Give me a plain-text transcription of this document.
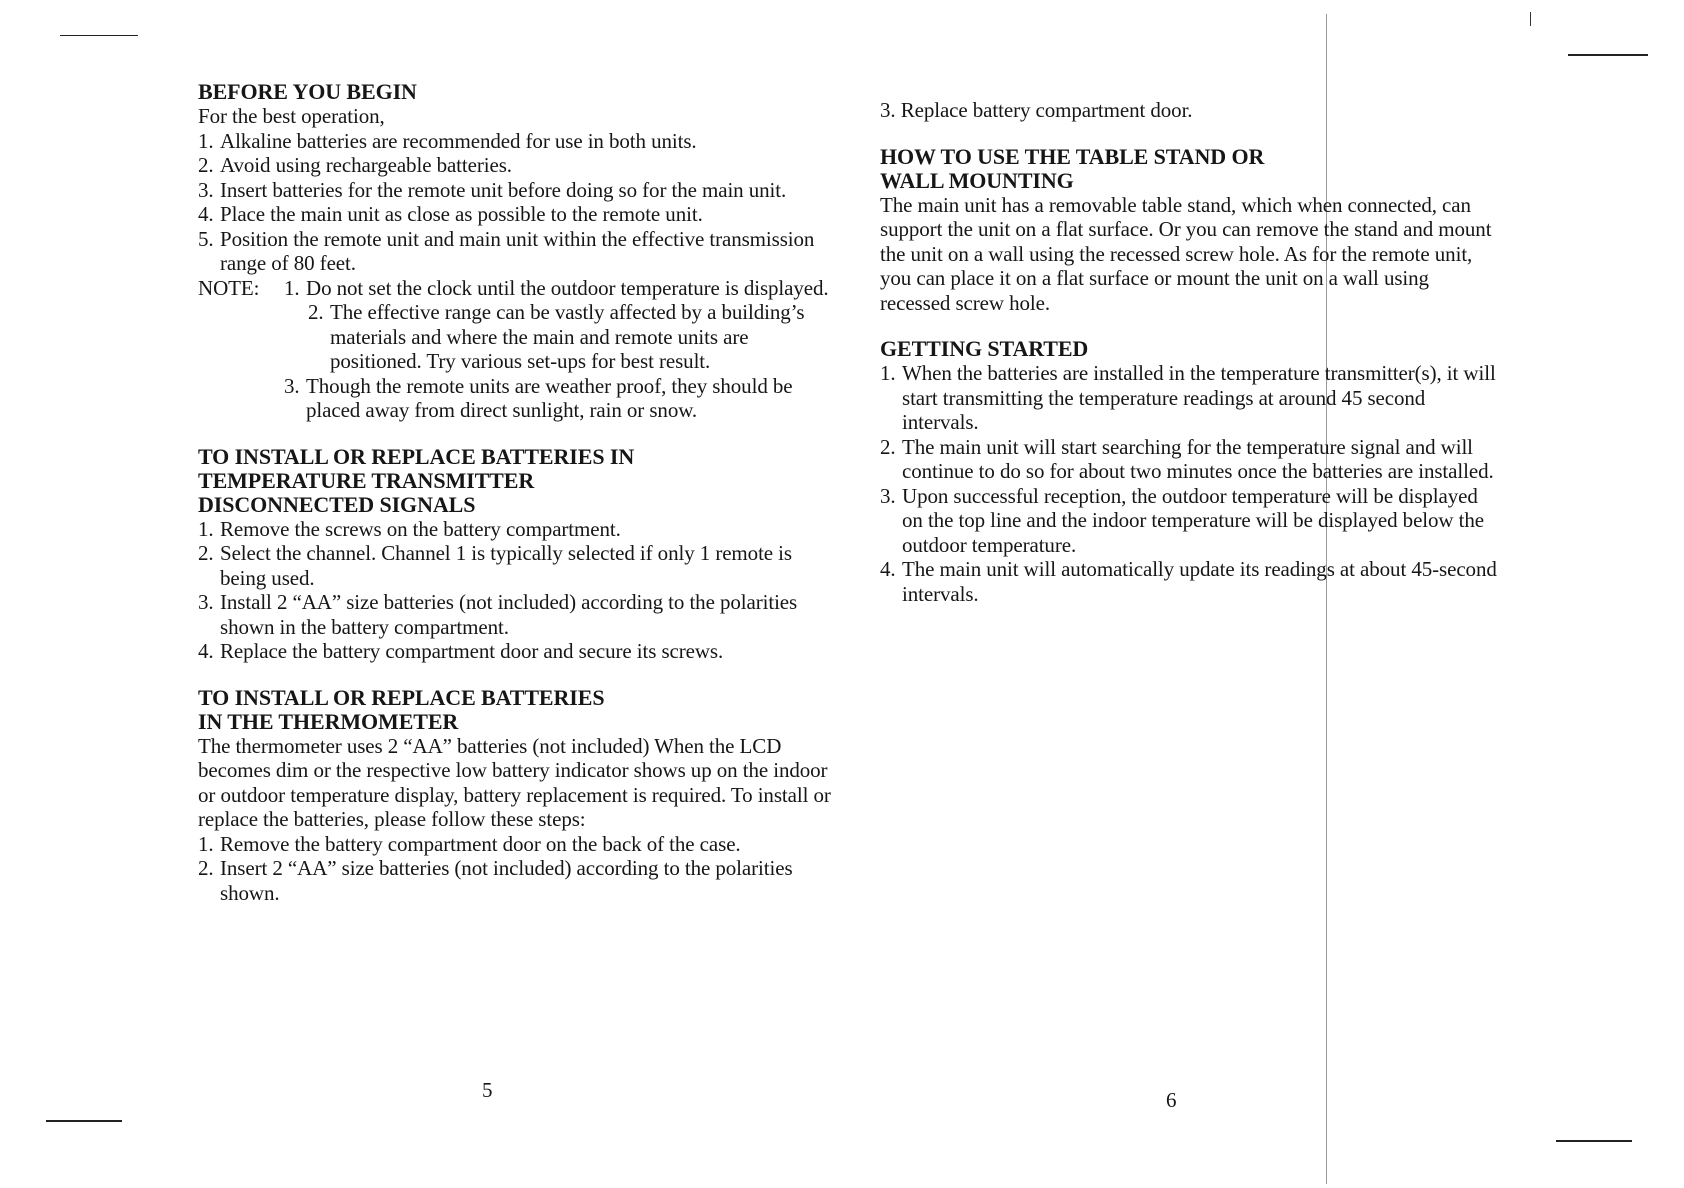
BEFORE YOU BEGIN
For the best operation,
1. Alkaline batteries are recommended for use in both units.
2. Avoid using rechargeable batteries.
3. Insert batteries for the remote unit before doing so for the main unit.
4. Place the main unit as close as possible to the remote unit.
5. Position the remote unit and main unit within the effective transmission range of 80 feet.
NOTE: 1. Do not set the clock until the outdoor temperature is displayed.
2. The effective range can be vastly affected by a building’s materials and where the main and remote units are positioned. Try various set-ups for best result.
3. Though the remote units are weather proof, they should be placed away from direct sunlight, rain or snow.
TO INSTALL OR REPLACE BATTERIES IN
TEMPERATURE TRANSMITTER
DISCONNECTED SIGNALS
1. Remove the screws on the battery compartment.
2. Select the channel. Channel 1 is typically selected if only 1 remote is being used.
3. Install 2 “AA” size batteries (not included) according to the polarities shown in the battery compartment.
4. Replace the battery compartment door and secure its screws.
TO INSTALL OR REPLACE BATTERIES
IN THE THERMOMETER
The thermometer uses 2 “AA” batteries (not included) When the LCD becomes dim or the respective low battery indicator shows up on the indoor or outdoor temperature display, battery replacement is required. To install or replace the batteries, please follow these steps:
1. Remove the battery compartment door on the back of the case.
2. Insert 2 “AA” size batteries (not included) according to the polarities shown.
5
3. Replace battery compartment door.
HOW TO USE THE TABLE STAND OR
WALL MOUNTING
The main unit has a removable table stand, which when connected, can support the unit on a flat surface. Or you can remove the stand and mount the unit on a wall using the recessed screw hole. As for the remote unit, you can place it on a flat surface or mount the unit on a wall using recessed screw hole.
GETTING STARTED
1. When the batteries are installed in the temperature transmitter(s), it will start transmitting the temperature readings at around 45 second intervals.
2. The main unit will start searching for the temperature signal and will continue to do so for about two minutes once the batteries are installed.
3. Upon successful reception, the outdoor temperature will be displayed on the top line and the indoor temperature will be displayed below the outdoor temperature.
4. The main unit will automatically update its readings at about 45-second intervals.
6
